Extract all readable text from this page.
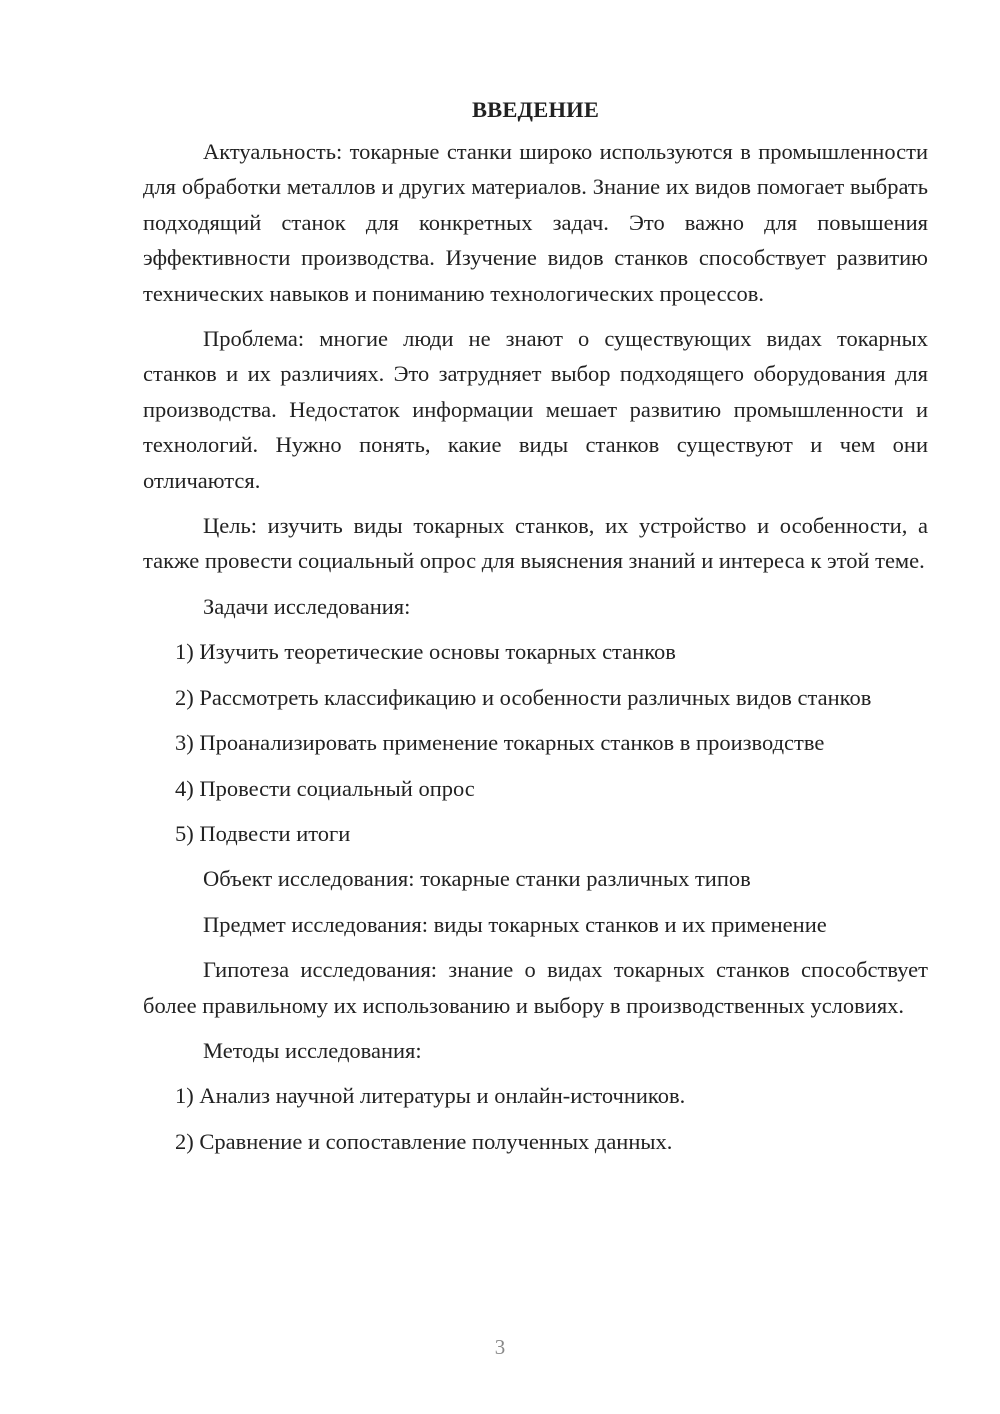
ВВЕДЕНИЕ

Актуальность: токарные станки широко используются в промышленности для обработки металлов и других материалов. Знание их видов помогает выбрать подходящий станок для конкретных задач. Это важно для повышения эффективности производства. Изучение видов станков способствует развитию технических навыков и пониманию технологических процессов.

Проблема: многие люди не знают о существующих видах токарных станков и их различиях. Это затрудняет выбор подходящего оборудования для производства. Недостаток информации мешает развитию промышленности и технологий. Нужно понять, какие виды станков существуют и чем они отличаются.

Цель: изучить виды токарных станков, их устройство и особенности, а также провести социальный опрос для выяснения знаний и интереса к этой теме.

Задачи исследования:

1) Изучить теоретические основы токарных станков

2) Рассмотреть классификацию и особенности различных видов станков

3) Проанализировать применение токарных станков в производстве

4) Провести социальный опрос

5) Подвести итоги

Объект исследования: токарные станки различных типов

Предмет исследования: виды токарных станков и их применение

Гипотеза исследования: знание о видах токарных станков способствует более правильному их использованию и выбору в производственных условиях.

Методы исследования:

1) Анализ научной литературы и онлайн-источников.

2) Сравнение и сопоставление полученных данных.

3
